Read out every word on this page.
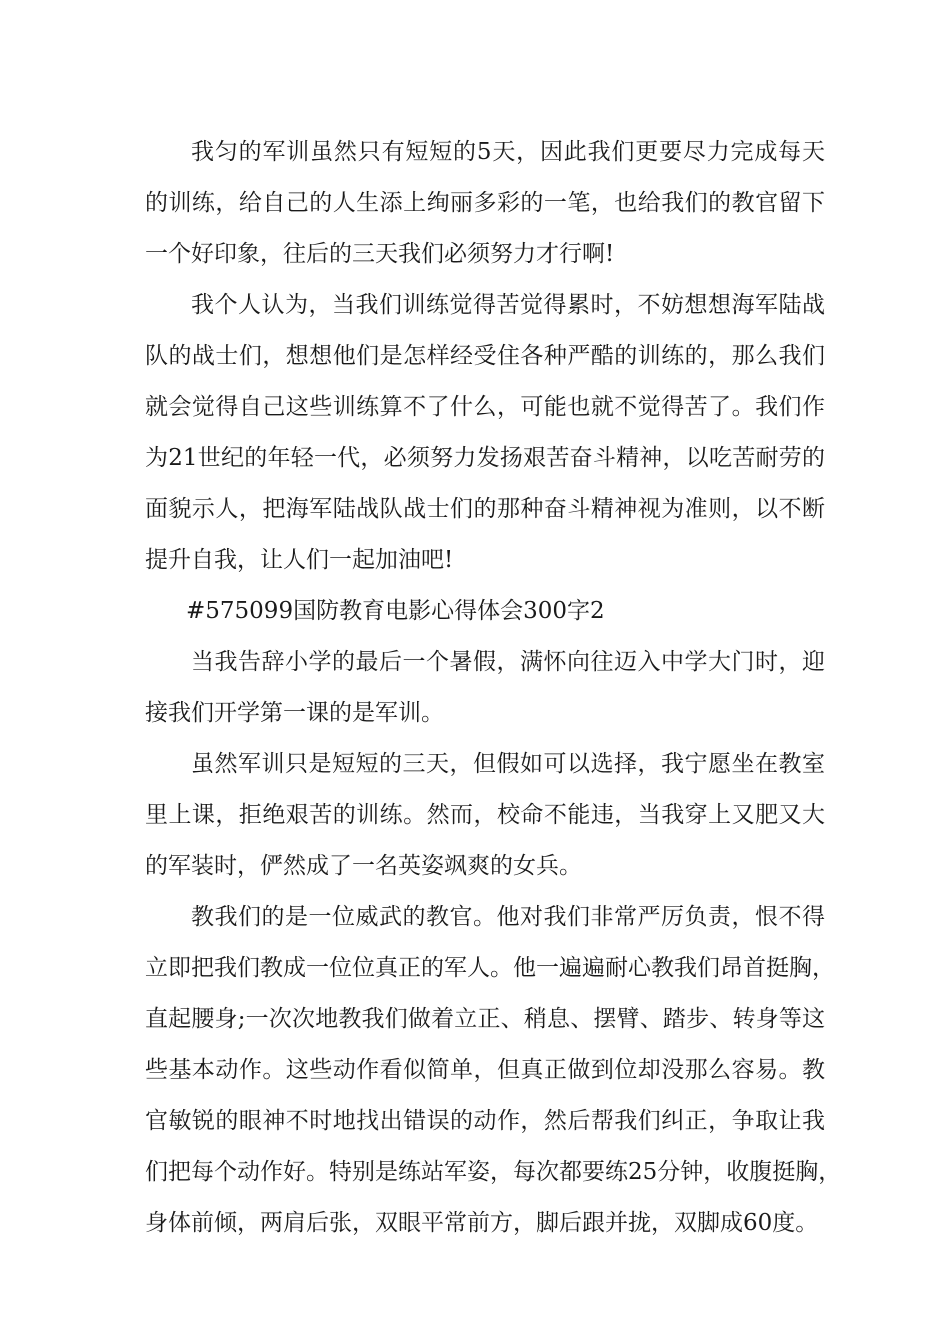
我匀的军训虽然只有短短的5天，因此我们更要尽力完成每天
的训练，给自己的人生添上绚丽多彩的一笔，也给我们的教官留下
一个好印象，往后的三天我们必须努力才行啊!
我个人认为，当我们训练觉得苦觉得累时，不妨想想海军陆战
队的战士们，想想他们是怎样经受住各种严酷的训练的，那么我们
就会觉得自己这些训练算不了什么，可能也就不觉得苦了。我们作
为21世纪的年轻一代，必须努力发扬艰苦奋斗精神，以吃苦耐劳的
面貌示人，把海军陆战队战士们的那种奋斗精神视为准则，以不断
提升自我，让人们一起加油吧!
#575099国防教育电影心得体会300字2
当我告辞小学的最后一个暑假，满怀向往迈入中学大门时，迎
接我们开学第一课的是军训。
虽然军训只是短短的三天，但假如可以选择，我宁愿坐在教室
里上课，拒绝艰苦的训练。然而，校命不能违，当我穿上又肥又大
的军装时，俨然成了一名英姿飒爽的女兵。
教我们的是一位威武的教官。他对我们非常严厉负责，恨不得
立即把我们教成一位位真正的军人。他一遍遍耐心教我们昂首挺胸，
直起腰身;一次次地教我们做着立正、稍息、摆臂、踏步、转身等这
些基本动作。这些动作看似简单，但真正做到位却没那么容易。教
官敏锐的眼神不时地找出错误的动作，然后帮我们纠正，争取让我
们把每个动作好。特别是练站军姿，每次都要练25分钟，收腹挺胸，
身体前倾，两肩后张，双眼平常前方，脚后跟并拢，双脚成60度。
